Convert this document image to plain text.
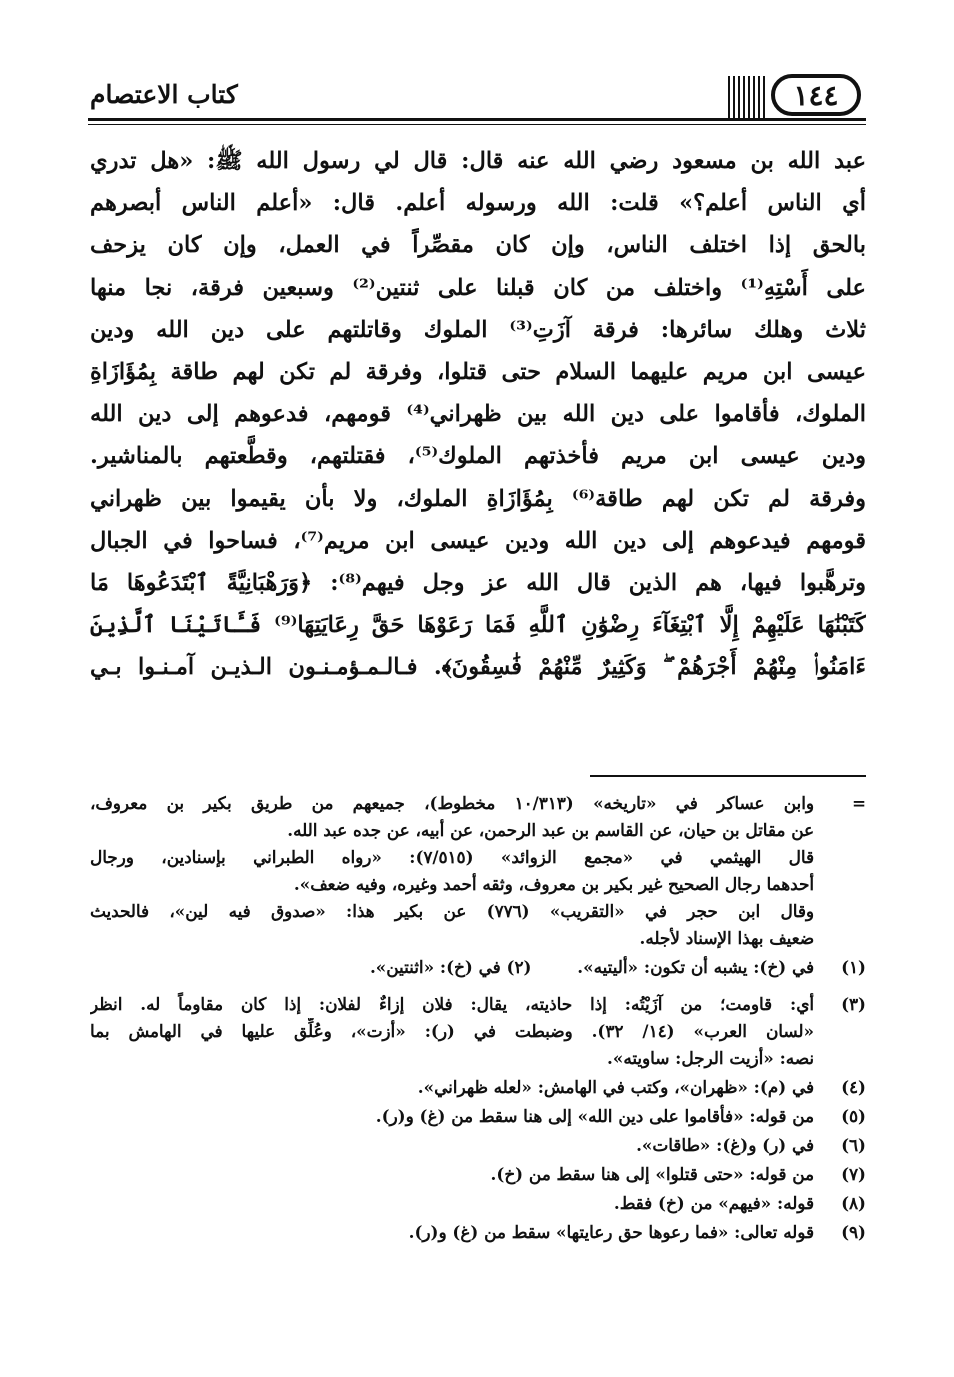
كتاب الاعتصام	١٤٤
عبد الله بن مسعود رضي الله عنه قال: قال لي رسول الله ﷺ: «هل تدري
أي الناس أعلم؟» قلت: الله ورسوله أعلم. قال: «أعلم الناس أبصرهم
بالحق إذا اختلف الناس، وإن كان مقصِّراً في العمل، وإن كان يزحف
على أَسْتِهِ⁽¹⁾ واختلف من كان قبلنا على ثنتين⁽²⁾ وسبعين فرقة، نجا منها
ثلاث وهلك سائرها: فرقة آزَتِ⁽³⁾ الملوك وقاتلتهم على دين الله ودين
عيسى ابن مريم عليهما السلام حتى قتلوا، وفرقة لم تكن لهم طاقة بِمُؤَازَاةِ
الملوك، فأقاموا على دين الله بين ظهراني⁽⁴⁾ قومهم، فدعوهم إلى دين الله
ودين عيسى ابن مريم فأخذتهم الملوك⁽⁵⁾، فقتلتهم، وقطَّعتهم بالمناشير.
وفرقة لم تكن لهم طاقة⁽⁶⁾ بِمُؤَازَاةِ الملوك، ولا بأن يقيموا بين ظهراني
قومهم فيدعوهم إلى دين الله ودين عيسى ابن مريم⁽⁷⁾، فساحوا في الجبال
وترهَّبوا فيها، هم الذين قال الله عز وجل فيهم⁽⁸⁾: ﴿وَرَهْبَانِيَّةً ٱبْتَدَعُوهَا مَا
كَتَبْنَٰهَا عَلَيْهِمْ إِلَّا ٱبْتِغَآءَ رِضْوَٰنِ ٱللَّهِ فَمَا رَعَوْهَا حَقَّ رِعَايَتِهَا⁽⁹⁾ فَـَٔاتَيْنَا ٱلَّذِينَ
ءَامَنُوا۟ مِنْهُمْ أَجْرَهُمْ ۖ وَكَثِيرٌ مِّنْهُمْ فَٰسِقُونَ﴾. فـالـمـؤمـنـون الـذيـن آمـنـوا بـي
=
وابن عساكر في «تاريخه» (١٠/٣١٣ مخطوط)، جميعهم من طريق بكير بن معروف،
عن مقاتل بن حيان، عن القاسم بن عبد الرحمن، عن أبيه، عن جده عبد الله.
قال الهيثمي في «مجمع الزوائد» (٧/٥١٥): «رواه الطبراني بإسنادين، ورجال
أحدهما رجال الصحيح غير بكير بن معروف، وثقه أحمد وغيره، وفيه ضعف».
وقال ابن حجر في «التقريب» (٧٧٦) عن بكير هذا: «صدوق فيه لين»، فالحديث
ضعيف بهذا الإسناد لأجله.
(١)
في (خ): يشبه أن تكون: «أليتيه». (٢) في (خ): «اثنتين».
(٣)
أي: قاومت؛ من آزَيْتُه: إذا حاذيته، يقال: فلان إزاءٌ لفلان: إذا كان مقاوماً له. انظر
«لسان العرب» (١٤/ ٣٢). وضبطت في (ر): «أزت»، وعُلِّق عليها في الهامش بما
نصه: «أزيت الرجل: ساويته».
(٤)
في (م): «ظهران»، وكتب في الهامش: «لعله ظهراني».
(٥)
من قوله: «فأقاموا على دين الله» إلى هنا سقط من (غ) و(ر).
(٦)
في (ر) و(غ): «طاقات».
(٧)
من قوله: «حتى قتلوا» إلى هنا سقط من (خ).
(٨)
قوله: «فيهم» من (خ) فقط.
(٩)
قوله تعالى: «فما رعوها حق رعايتها» سقط من (غ) و(ر).
